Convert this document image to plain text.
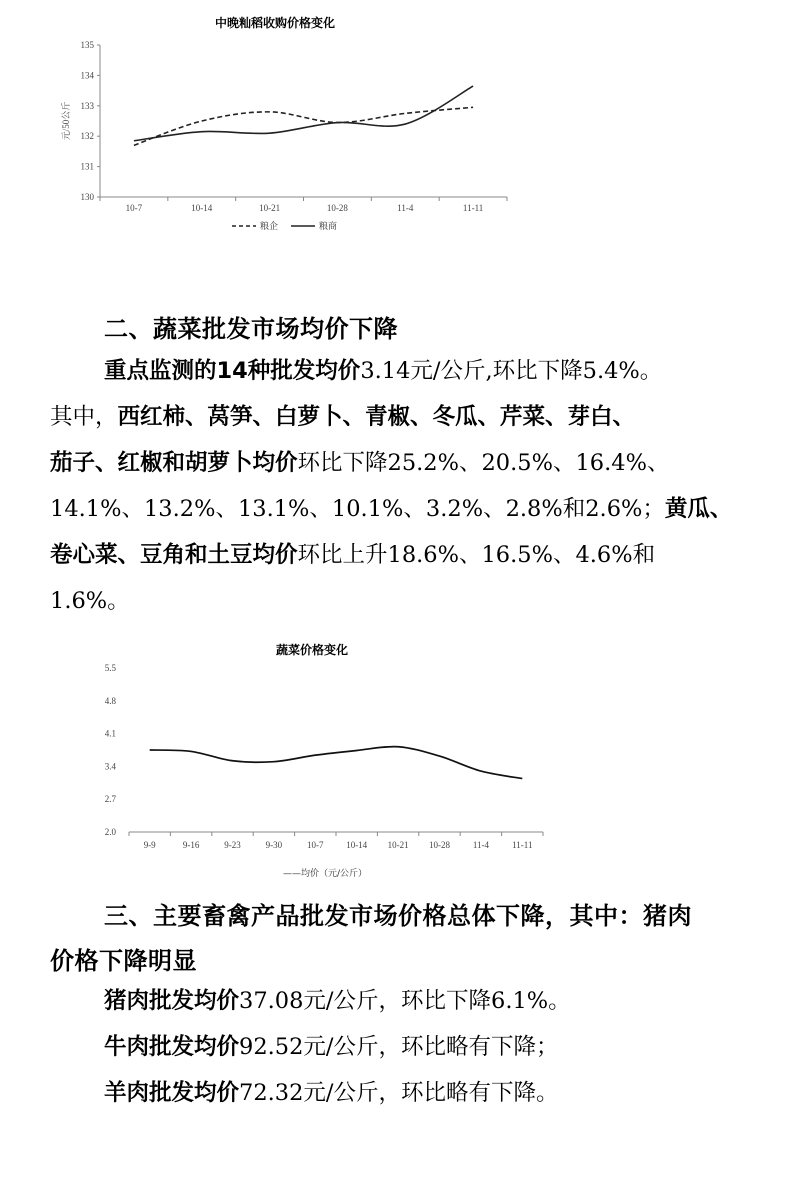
中晚籼稻收购价格变化
元/50公斤
130
131
132
133
134
135
10-7	10-14	10-21	10-28	11-4	11-11
粮企	粮商
二、蔬菜批发市场均价下降
重点监测的14种批发均价3.14元/公斤,环比下降5.4%。
其中，西红柿、莴笋、白萝卜、青椒、冬瓜、芹菜、芽白、
茄子、红椒和胡萝卜均价环比下降25.2%、20.5%、16.4%、
14.1%、13.2%、13.1%、10.1%、3.2%、2.8%和2.6%；黄瓜、
卷心菜、豆角和土豆均价环比上升18.6%、16.5%、4.6%和
1.6%。
蔬菜价格变化
2.0
2.7
3.4
4.1
4.8
5.5
9-9	9-16	9-23	9-30	10-7	10-14 10-21 10-28	11-4	11-11
——均价（元/公斤）
三、主要畜禽产品批发市场价格总体下降，其中：猪肉
价格下降明显
猪肉批发均价37.08元/公斤，环比下降6.1%。
牛肉批发均价92.52元/公斤，环比略有下降；
羊肉批发均价72.32元/公斤，环比略有下降。
